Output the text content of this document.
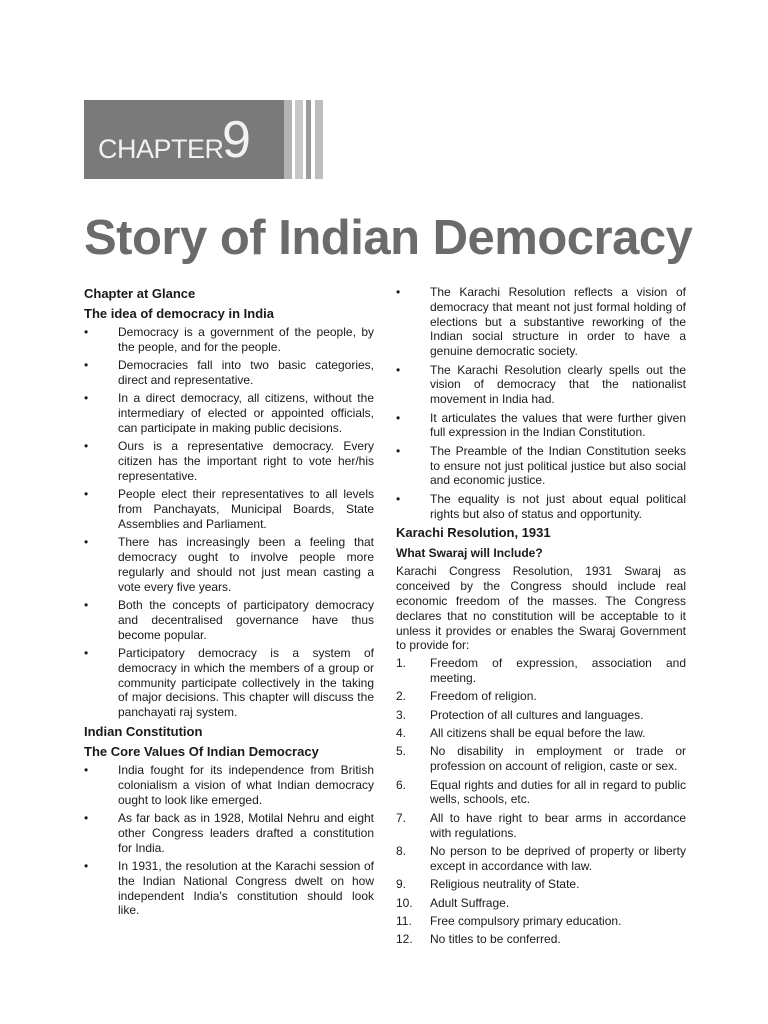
CHAPTER
9
Story of Indian Democracy
Chapter at Glance
The idea of democracy in India
• Democracy is a government of the people, by the people, and for the people.
• Democracies fall into two basic categories, direct and representative.
• In a direct democracy, all citizens, without the intermediary of elected or appointed officials, can participate in making public decisions.
• Ours is a representative democracy. Every citizen has the important right to vote her/his representative.
• People elect their representatives to all levels from Panchayats, Municipal Boards, State Assemblies and Parliament.
• There has increasingly been a feeling that democracy ought to involve people more regularly and should not just mean casting a vote every five years.
• Both the concepts of participatory democracy and decentralised governance have thus become popular.
• Participatory democracy is a system of democracy in which the members of a group or community participate collectively in the taking of major decisions. This chapter will discuss the panchayati raj system.
Indian Constitution
The Core Values Of Indian Democracy
• India fought for its independence from British colonialism a vision of what Indian democracy ought to look like emerged.
• As far back as in 1928, Motilal Nehru and eight other Congress leaders drafted a constitution for India.
• In 1931, the resolution at the Karachi session of the Indian National Congress dwelt on how independent India's constitution should look like.
• The Karachi Resolution reflects a vision of democracy that meant not just formal holding of elections but a substantive reworking of the Indian social structure in order to have a genuine democratic society.
• The Karachi Resolution clearly spells out the vision of democracy that the nationalist movement in India had.
• It articulates the values that were further given full expression in the Indian Constitution.
• The Preamble of the Indian Constitution seeks to ensure not just political justice but also social and economic justice.
• The equality is not just about equal political rights but also of status and opportunity.
Karachi Resolution, 1931
What Swaraj will Include?

Karachi Congress Resolution, 1931 Swaraj as conceived by the Congress should include real economic freedom of the masses. The Congress declares that no constitution will be acceptable to it unless it provides or enables the Swaraj Government to provide for:

1. Freedom of expression, association and meeting.
2. Freedom of religion.
3. Protection of all cultures and languages.
4. All citizens shall be equal before the law.
5. No disability in employment or trade or profession on account of religion, caste or sex.
6. Equal rights and duties for all in regard to public wells, schools, etc.
7. All to have right to bear arms in accordance with regulations.
8. No person to be deprived of property or liberty except in accordance with law.
9. Religious neutrality of State.
10. Adult Suffrage.
11. Free compulsory primary education.
12. No titles to be conferred.
